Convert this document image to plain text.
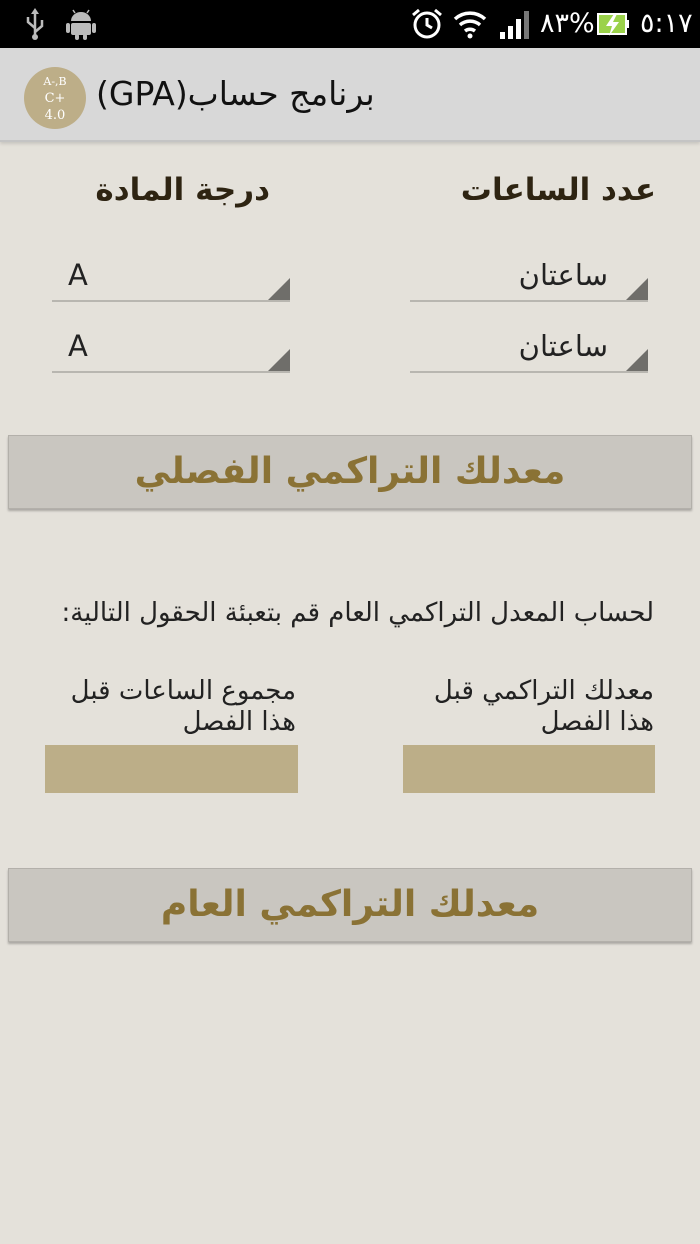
٨٣% ٥:١٧
A-,B
C+
4.0
برنامج حساب(GPA)
عدد الساعات
درجة المادة
ساعتان
A
ساعتان
A
معدلك التراكمي الفصلي
لحساب المعدل التراكمي العام قم بتعبئة الحقول التالية:
معدلك التراكمي قبل
هذا الفصل
مجموع الساعات قبل
هذا الفصل
معدلك التراكمي العام
